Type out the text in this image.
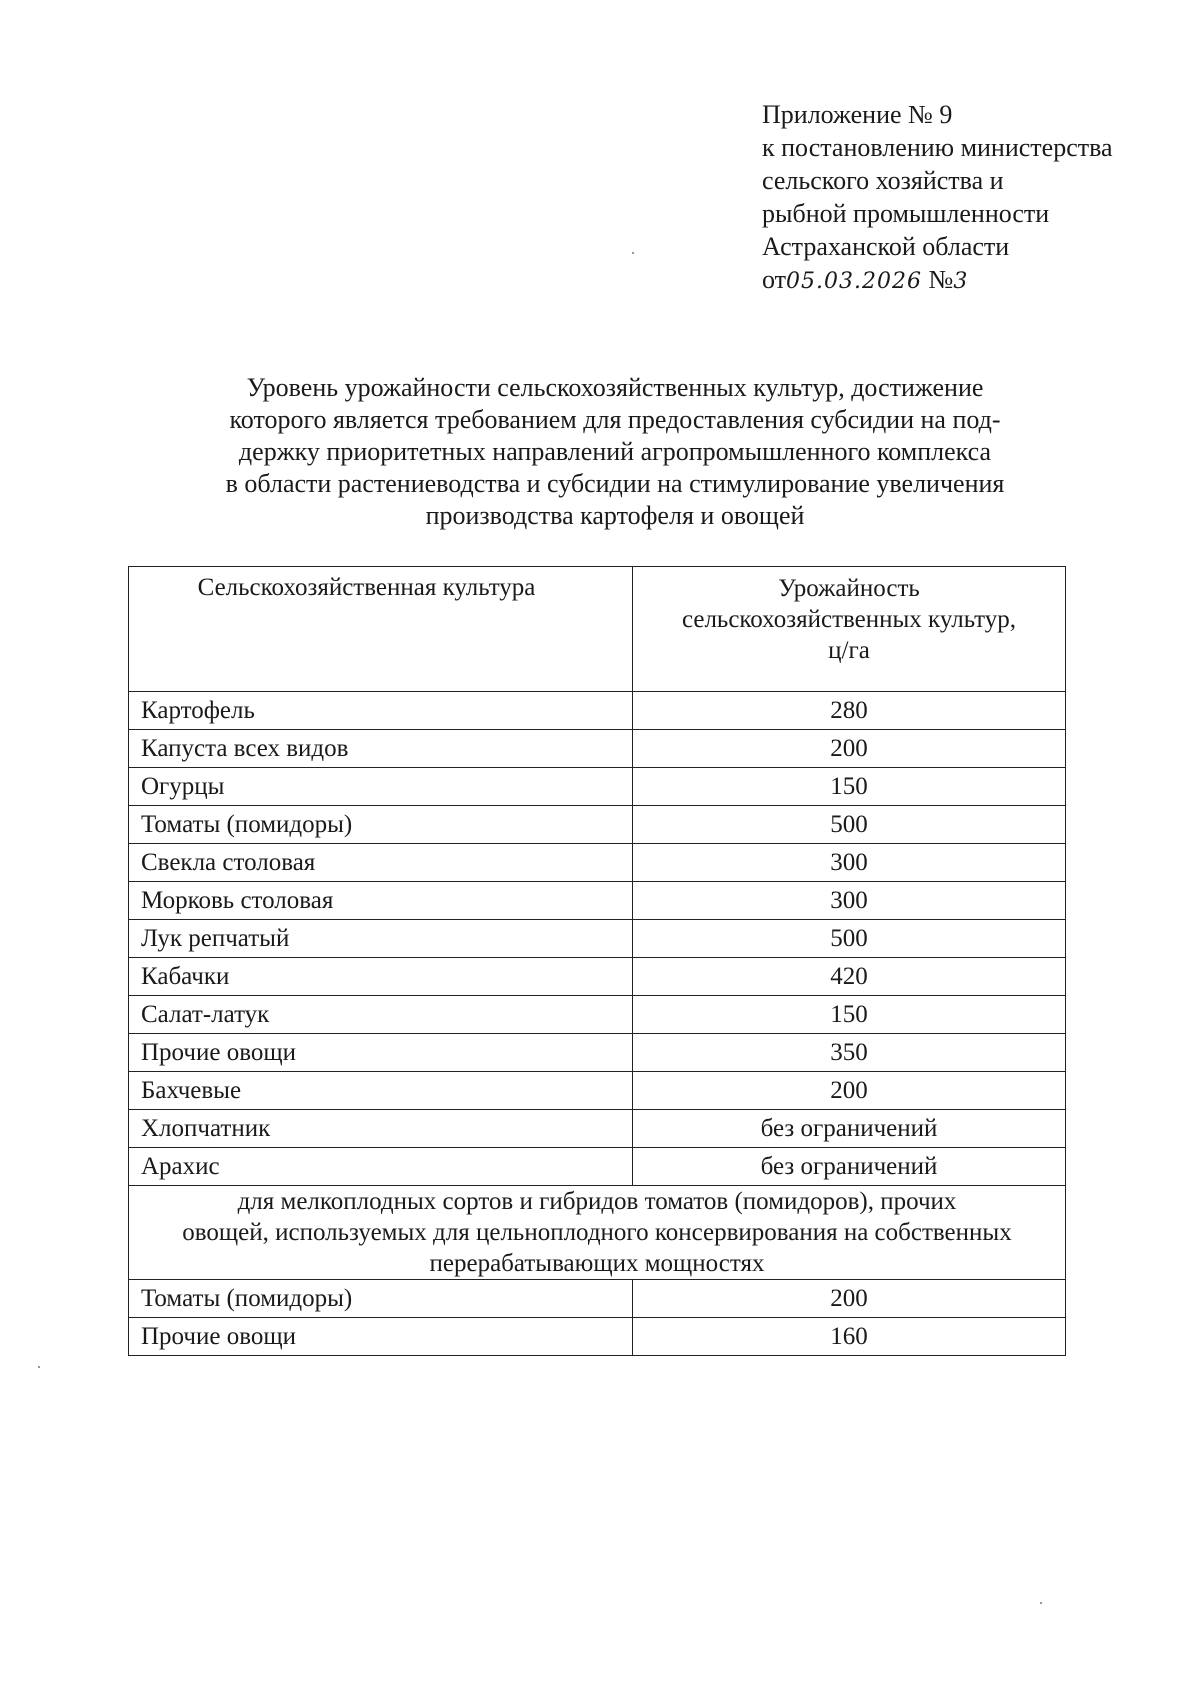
Приложение № 9
к постановлению министерства
сельского хозяйства и
рыбной промышленности
Астраханской области
от05.03.2026 №3
Уровень урожайности сельскохозяйственных культур, достижение
которого является требованием для предоставления субсидии на под-
держку приоритетных направлений агропромышленного комплекса
в области растениеводства и субсидии на стимулирование увеличения
производства картофеля и овощей
Сельскохозяйственная культура	Урожайность
сельскохозяйственных культур,
ц/га

Картофель	280
Капуста всех видов	200
Огурцы	150
Томаты (помидоры)	500
Свекла столовая	300
Морковь столовая	300
Лук репчатый	500
Кабачки	420
Салат-латук	150
Прочие овощи	350
Бахчевые	200
Хлопчатник	без ограничений
Арахис	без ограничений

для мелкоплодных сортов и гибридов томатов (помидоров), прочих
овощей, используемых для цельноплодного консервирования на собственных
перерабатывающих мощностях	

Томаты (помидоры)	200
Прочие овощи	160
